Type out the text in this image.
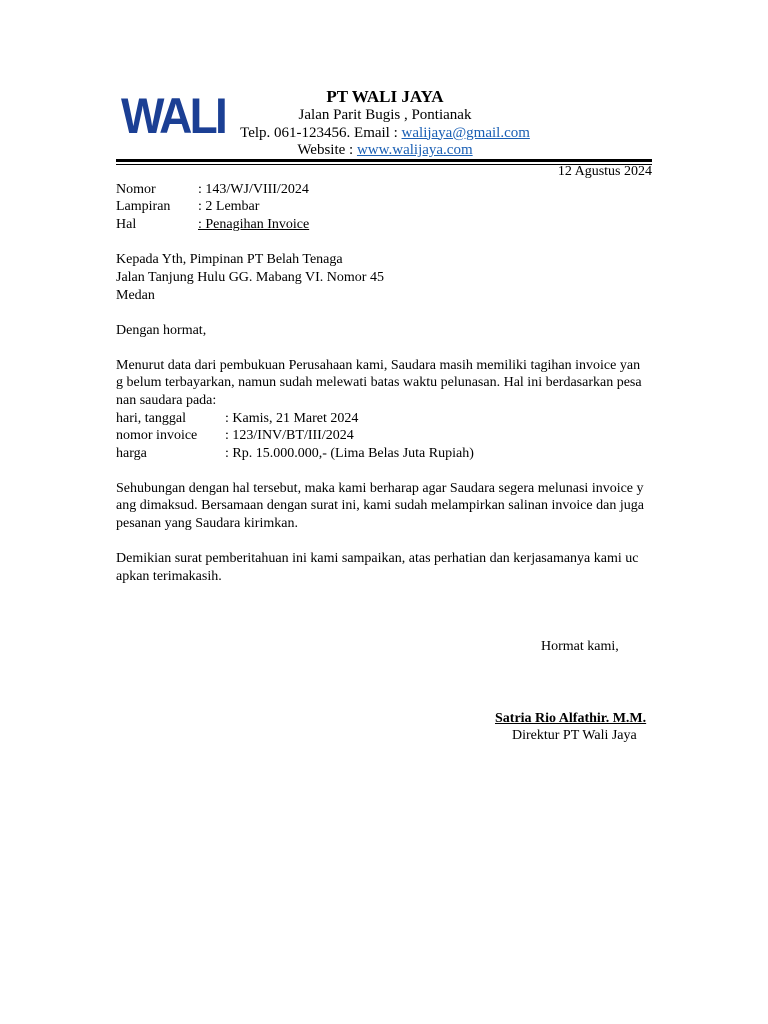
WALI	PT WALI JAYA
Jalan Parit Bugis , Pontianak
Telp. 061-123456. Email : walijaya@gmail.com
Website : www.walijaya.com
12 Agustus 2024
Nomor	: 143/WJ/VIII/2024
Lampiran : 2 Lembar
Hal	: Penagihan Invoice
Kepada Yth, Pimpinan PT Belah Tenaga
Jalan Tanjung Hulu GG. Mabang VI. Nomor 45
Medan
Dengan hormat,
Menurut data dari pembukuan Perusahaan kami, Saudara masih memiliki tagihan invoice yan
g belum terbayarkan, namun sudah melewati batas waktu pelunasan. Hal ini berdasarkan pesa
nan saudara pada:
hari, tanggal	: Kamis, 21 Maret 2024
nomor invoice : 123/INV/BT/III/2024
harga	: Rp. 15.000.000,- (Lima Belas Juta Rupiah)
Sehubungan dengan hal tersebut, maka kami berharap agar Saudara segera melunasi invoice y
ang dimaksud. Bersamaan dengan surat ini, kami sudah melampirkan salinan invoice dan juga
pesanan yang Saudara kirimkan.
Demikian surat pemberitahuan ini kami sampaikan, atas perhatian dan kerjasamanya kami uc
apkan terimakasih.
Hormat kami,
Satria Rio Alfathir. M.M.
Direktur PT Wali Jaya
